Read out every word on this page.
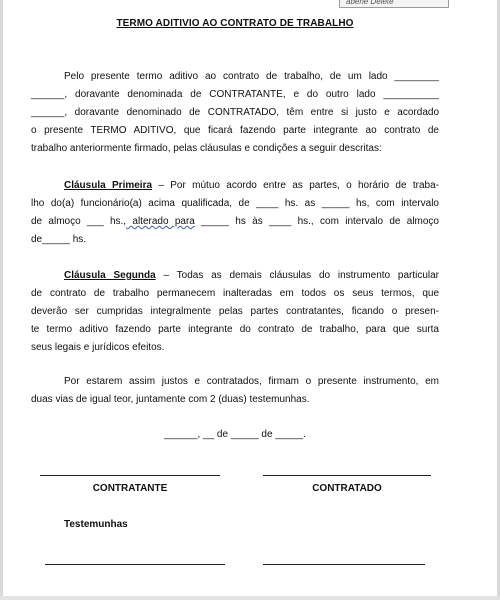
abene Delete
TERMO ADITIVIO AO CONTRATO DE TRABALHO
Pelo presente termo aditivo ao contrato de trabalho, de um lado ________
______, doravante denominada de CONTRATANTE, e do outro lado __________
______, doravante denominado de CONTRATADO, têm entre si justo e acordado
o presente TERMO ADITIVO, que ficará fazendo parte integrante ao contrato de
trabalho anteriormente firmado, pelas cláusulas e condições a seguir descritas:
Cláusula Primeira – Por mútuo acordo entre as partes, o horário de traba-
lho do(a) funcionário(a) acima qualificada, de ____ hs. as _____ hs, com intervalo
de almoço ___ hs., alterado para _____ hs às ____ hs., com intervalo de almoço
de_____ hs.
Cláusula Segunda – Todas as demais cláusulas do instrumento particular
de contrato de trabalho permanecem inalteradas em todos os seus termos, que
deverão ser cumpridas integralmente pelas partes contratantes, ficando o presen-
te termo aditivo fazendo parte integrante do contrato de trabalho, para que surta
seus legais e jurídicos efeitos.
Por estarem assim justos e contratados, firmam o presente instrumento, em
duas vias de igual teor, juntamente com 2 (duas) testemunhas.
______, __ de _____ de _____.
CONTRATANTE	CONTRATADO
Testemunhas
